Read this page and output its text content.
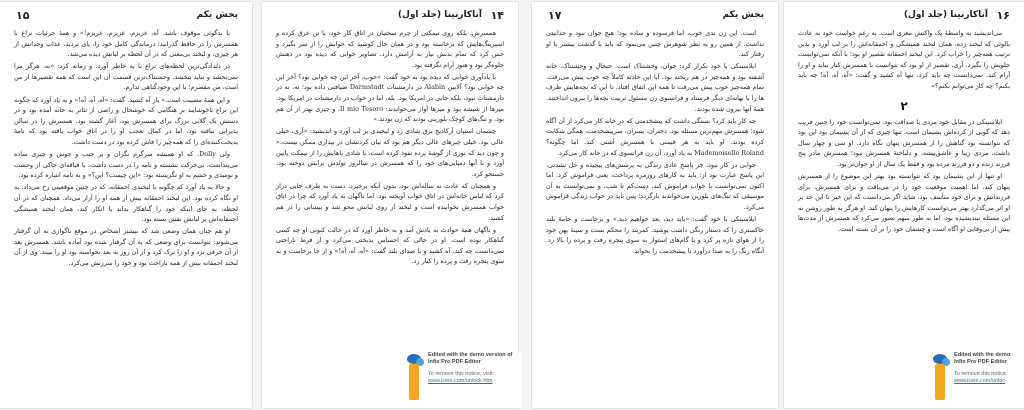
۱۵	بخش یکم

با بدگوئی موقوف باشد. آه، عزیزم، عزیزم، عزیزم!» و همهٔ جزئیات نزاع با همسرش را در حافظ گذرانید؛ درماندگی کامل خود را، پای تردید، عذاب وجدانش از هر چیزی، و لبخند بی‌معنی که در آن لحظه بر لبانش دیده می‌شد.

در دلدادگی‌ترین لحظه‌های نزاع با به خاطر آورد. و زمانه کرد: «نه، هرگز مرا نمی‌بخشد و نباید ببخشد. وحشتناک‌ترین قسمت آن این است که همه تقصیرها از من است، من مقصرم؛ با این وجودگناهی ندارم.

و این همهٔ مصیبت است.» باز آه کشید. گفت: «آه، آه، آه!» و به یاد آورد که چگونه این نزاع ناخوشایند بر هنگامی که خوشحال و راضی از تئاتر به خانه آمده بود و در دستش یک گلابی بزرگ برای همسرش بود، آغاز گشته بود. همسرش را در سالن پذیرایی نیافته بود، اما در کمال تعجب او را در اتاق خواب یافته بود که نامهٔ بدبخت‌کننده‌ای را که همه‌چیز را فاش کرده بود در دست داشت.

ولی Dolly. که او همیشه سرگرم نگران و پر جنب و جوش و چیزی ساده می‌پنداشت، بی‌حرکت نشسته و نامه را در دست داشت. با قیافه‌ای حاکی از وحشت و نومیدی و خشم به او نگریسته بود: «این چیست؟ این؟» و به نامه اشاره کرده بود.

و حالا به یاد آورد که چگونه با لبخندی احمقانه، که در چنین موقعیتی رخ می‌داد، به او نگاه کرده بود. این لبخند احمقانه بیش از همه او را آزار می‌داد. همچنان که در آن لحظه، به جای اینکه خود را گناهکار بداند یا انکار کند، همان لبخند همیشگی احمقانه‌اش بر لبانش نقش بسته بود.

او هم چنان همان وضعی شد که بیشتر اشخاص در موقع ناگواری به آن گرفتار می‌شوند: نتوانست برای وضعی که به آن گرفتار شده بود آماده باشد. همسرش بعد از آن حرفی نزد و او را ترک کرد و از آن روز به بعد نخواسته بود او را ببیند. وی از آن لبخند احمقانه بیش از همه ناراحت بود و خود را سرزنش می‌کرد.

۱۴
آناکارنینا (جلد اول)

همسرش، بلکه روی نیمکتی از چرم سختیان در اتاق کار خود، با تن عرق کرده و اسپرینگ‌هایش که برخاسته بود و در همان حال کوشید که خوابش را از سر بگیرد و حس کرد که تمام بدنش نیاز به آرامش دارد. تصاویر خوابی که دیده بود در ذهنش جلوه‌گر بود و هنوز آرام نگرفته بود.

با یادآوری خوابی که دیده بود به خود گفت: «خوب، آخر این چه خوابی بود؟ آخر این چه خوابی بود؟ آلابین Alabin در دارمشتات Darmstadt ضیافتی داده بود؛ نه، نه در دارمشتات نبود، بلکه جایی در امریکا بود. بله، اما در خواب در دارمشتات در امریکا بود. میزها از شیشه بود و میزها آواز می‌خواندند: Il mio Tesoro، و چیزی بهتر از آن هم بود، و تنگ‌های کوچک بلورینی بودند که زن بودند.»

چشمان استپان آرکادیچ برق شادی زد و لبخندی بر لب آورد و اندیشید: «آری، خیلی عالی بود. خیلی چیزهای عالی دیگر هم بود که بیان کردنشان در بیداری ممکن نیست.» و چون دید که نوری از گوشهٔ پرده نفوذ کرده است، با شادی پاهایش را از نیمکت پایین آورد و با آنها دمپایی‌های خود را که همسرش در سالروز تولدش برایش دوخته بود، جستجو کرد.

و همچنان که عادت نه ساله‌اش بود، بدون آنکه برخیزد، دست به طرف جایی دراز کرد که لباس خانه‌اش در اتاق خواب آویخته بود. اما ناگهان به یاد آورد که چرا در اتاق خواب همسرش نخوابیده است و لبخند از روی لبانش محو شد و پیشانی را در هم کشید.

و ناگهان همهٔ حوادث به یادش آمد و به خاطر آورد که در حالت کنونی او چه کسی گناهکار بوده است. او در حالی که احساس بدبختی می‌کرد و از فرط ناراحتی نمی‌دانست چه کند، آه کشید و با صدای بلند گفت: «آه، آه، آه!» و از جا برخاست و به سوی پنجره رفت و پرده را کنار زد.

۱۷	بخش یکم

است. این زن ندی خوب، اما فرسوده و ساده بود؛ هیچ جوان نبود و جذابیتی نداشت. از همین رو به نظر شوهرش چنین می‌نمود که باید با گذشت بیشتر با او رفتار کند.

ایلاسینکی با خود نکرار کرد: جوان، وحشتناک است. جنجال و وحشتناک. خانه آشفته بود و همه‌چیز در هم ریخته بود. آیا این حادثه کاملاً چه خوب پیش می‌رفت. تمام همه‌چیز خوب پیش می‌رفت تا همه این اتفاق افتاد. تا این که بچه‌هایش ظرف ها را با بهانه‌ای دیگر فرستاد و فرانسوی زن مسئول تربیت بچه‌ها را بیرون انداختند. همهٔ آنها بیرون شده بودند.

چه کار باید کرد؟ بستگی داشت که پیشخدمتی که در خانه کار می‌کرد از آن آگاه شود؛ همسرش مهم‌ترین مسئله بود، دختران، پسران، سرپیشخدمت، همگی شکایت کرده بودند. او باید به هر قیمتی با همسرش آشتی کند. اما چگونه؟ Mademoiselle Roland به یاد آورد، آن زن فرانسوی که در خانه کار می‌کرد.

جوابی در کار نبود، جز پاسخ عادی زندگی به پرسش‌های پیچیده و حل نشدنی. این پاسخ عبارت بود از: باید به کارهای روزمره پرداخت، یعنی فراموش کرد. اما اکنون نمی‌توانست با خواب فراموش کند، دست‌کم تا شب. و نمی‌توانست به آن موسیقی که تنگ‌های بلورین می‌خواندند بازگردد؛ پس باید در خواب زندگی فراموش می‌کرد.

ایلاسینکی با خود گفت: «باید دید، بعد خواهیم دید.» و برخاست و جامهٔ بلند خاکستری را که دستار رنگی داشت پوشید. کمربند را محکم بست و سینهٔ پهن خود را از هوای تازه پر کرد و با گام‌های استوار به سوی پنجره رفت و پرده را بالا زد. آنگاه زنگ را به صدا درآورد تا پیشخدمت را بخواند.

۱۶
آناکارنینا (جلد اول)

می‌اندیشید به واسطهٔ یک واکنش مغزی است. به رغم خواست خود به عادت بالوئی که لبخند زده، همان لبخند همیشگی و احمقانه‌اش را بر لب آورد و بدین ترتیب همه‌چیز را خراب کرد. این لبخند احمقانه تقصیر او بود؛ با آنکه نمی‌توانست جلویش را بگیرد. آری، تقصیر از او بود که نتوانست با همسرش کنار بیاید و او را آرام کند. نمی‌دانست چه باید کرد، تنها آه کشید و گفت: «آه، آه، آه! چه باید بکنم؟ چه کار می‌توانم بکنم؟»

۲

ایلاسینکی در مقابل خود مردی با صداقت بود. نمی‌توانست خود را چنین فریب دهد که گویی از کرده‌اش پشیمان است. تنها چیزی که از آن پشیمان بود این بود که نتوانسته بود گناهش را از همسرش پنهان نگاه دارد. او سی و چهار سال داشت، مردی زیبا و عاشق‌پیشه، و دلباختهٔ همسرش نبود؛ همسرش مادر پنج فرزند زنده و دو فرزند مرده بود و فقط یک سال از او جوان‌تر بود.

او تنها از این پشیمان بود که نتوانسته بود بهتر این موضوع را از همسرش پنهان کند. اما اهمیت موقعیت خود را در می‌یافت و برای همسرش، برای فرزندانش و برای خود متأسف بود. شاید اگر می‌دانست که این خبر تا این حد بر او اثر می‌گذارد بهتر می‌توانست کارهایش را پنهان کند. او هرگز به طور روشن به این مسئله نیندیشیده بود، اما به طور مبهم تصور می‌کرد که همسرش از مدت‌ها پیش از بی‌وفایی او آگاه است و چشمان خود را بر آن بسته است.

Edited with the demo version of
Infix Pro PDF Editor
To remove this notice, visit:
www.iceni.com/unlock.htm
Edited with the demo
Infix Pro PDF Editor
To remove this notice,
www.iceni.com/unloc
